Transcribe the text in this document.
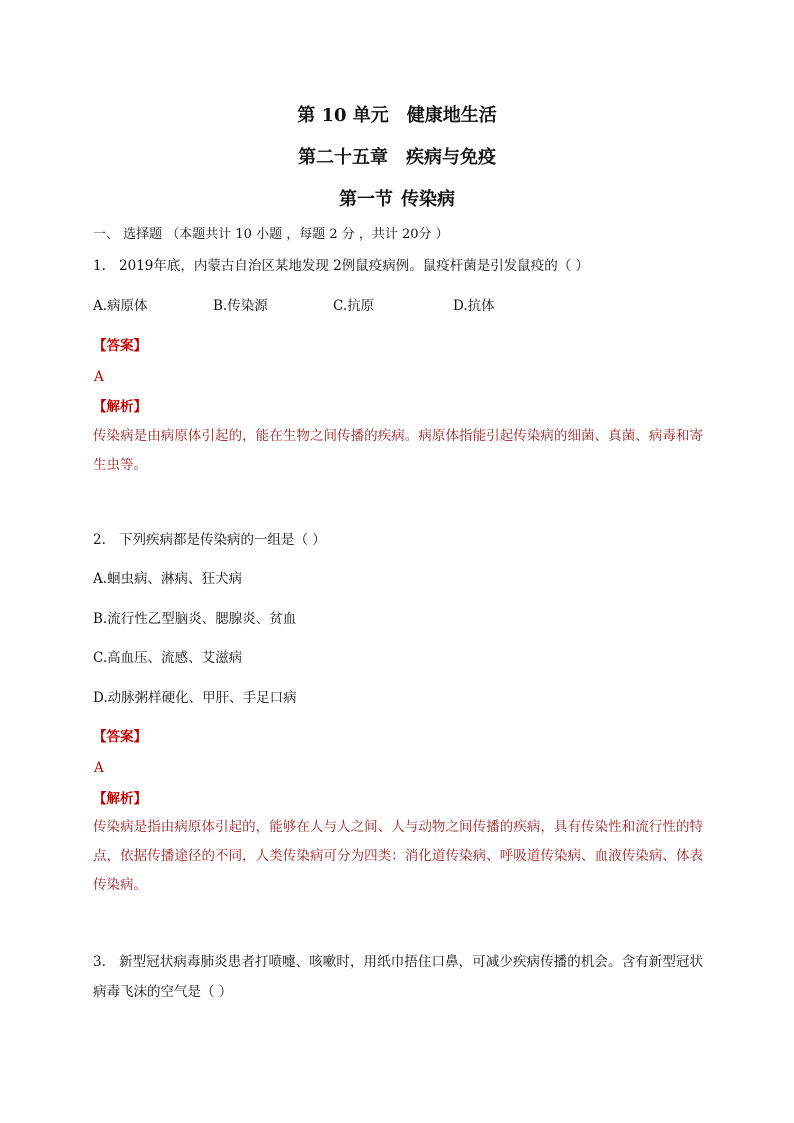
第 10 单元 健康地生活
第二十五章 疾病与免疫
第一节 传染病
一、 选择题 （本题共计 10 小题 ，每题 2 分 ，共计 20分 ）
1. 2019年底，内蒙古自治区某地发现 2例鼠疫病例。鼠疫杆菌是引发鼠疫的（ ）
A.病原体	B.传染源	C.抗原	D.抗体
【答案】
A
【解析】
传染病是由病原体引起的，能在生物之间传播的疾病。病原体指能引起传染病的细菌、真菌、病毒和寄生虫等。
2. 下列疾病都是传染病的一组是（ ）
A.蛔虫病、淋病、狂犬病
B.流行性乙型脑炎、腮腺炎、贫血
C.高血压、流感、艾滋病
D.动脉粥样硬化、甲肝、手足口病
【答案】
A
【解析】
传染病是指由病原体引起的，能够在人与人之间、人与动物之间传播的疾病，具有传染性和流行性的特点，依据传播途径的不同，人类传染病可分为四类：消化道传染病、呼吸道传染病、血液传染病、体表传染病。
3. 新型冠状病毒肺炎患者打喷嚏、咳嗽时，用纸巾捂住口鼻，可减少疾病传播的机会。含有新型冠状病毒飞沫的空气是（ ）
